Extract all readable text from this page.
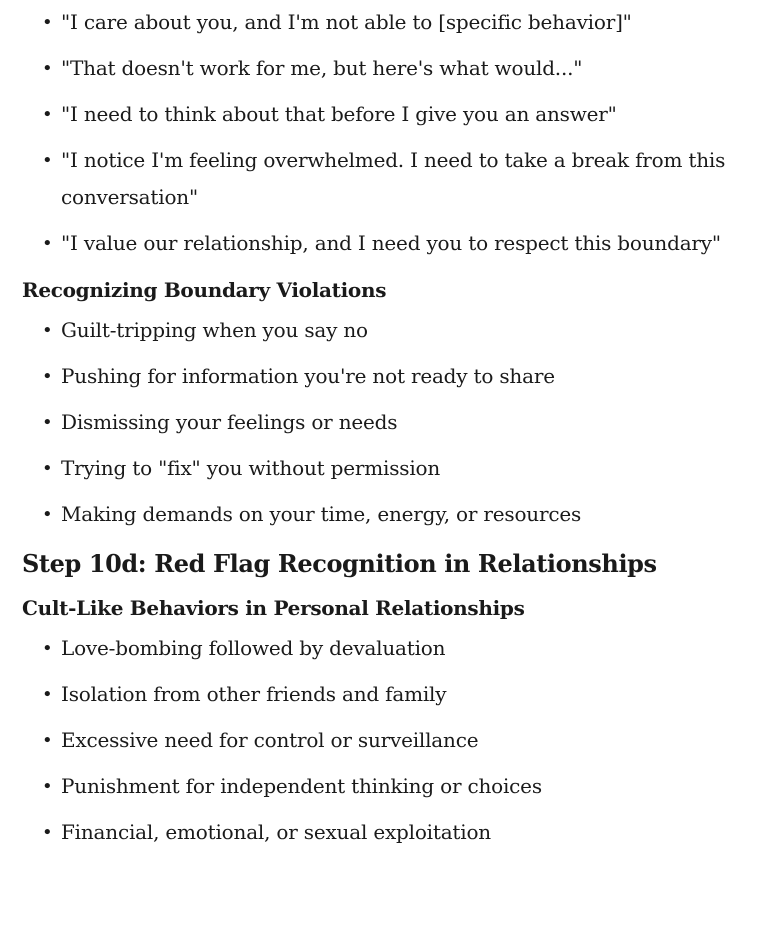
• "I care about you, and I'm not able to [specific behavior]"
• "That doesn't work for me, but here's what would..."
• "I need to think about that before I give you an answer"
• "I notice I'm feeling overwhelmed. I need to take a break from this conversation"
• "I value our relationship, and I need you to respect this boundary"
Recognizing Boundary Violations
• Guilt-tripping when you say no
• Pushing for information you're not ready to share
• Dismissing your feelings or needs
• Trying to "fix" you without permission
• Making demands on your time, energy, or resources
Step 10d: Red Flag Recognition in Relationships
Cult-Like Behaviors in Personal Relationships
• Love-bombing followed by devaluation
• Isolation from other friends and family
• Excessive need for control or surveillance
• Punishment for independent thinking or choices
• Financial, emotional, or sexual exploitation
